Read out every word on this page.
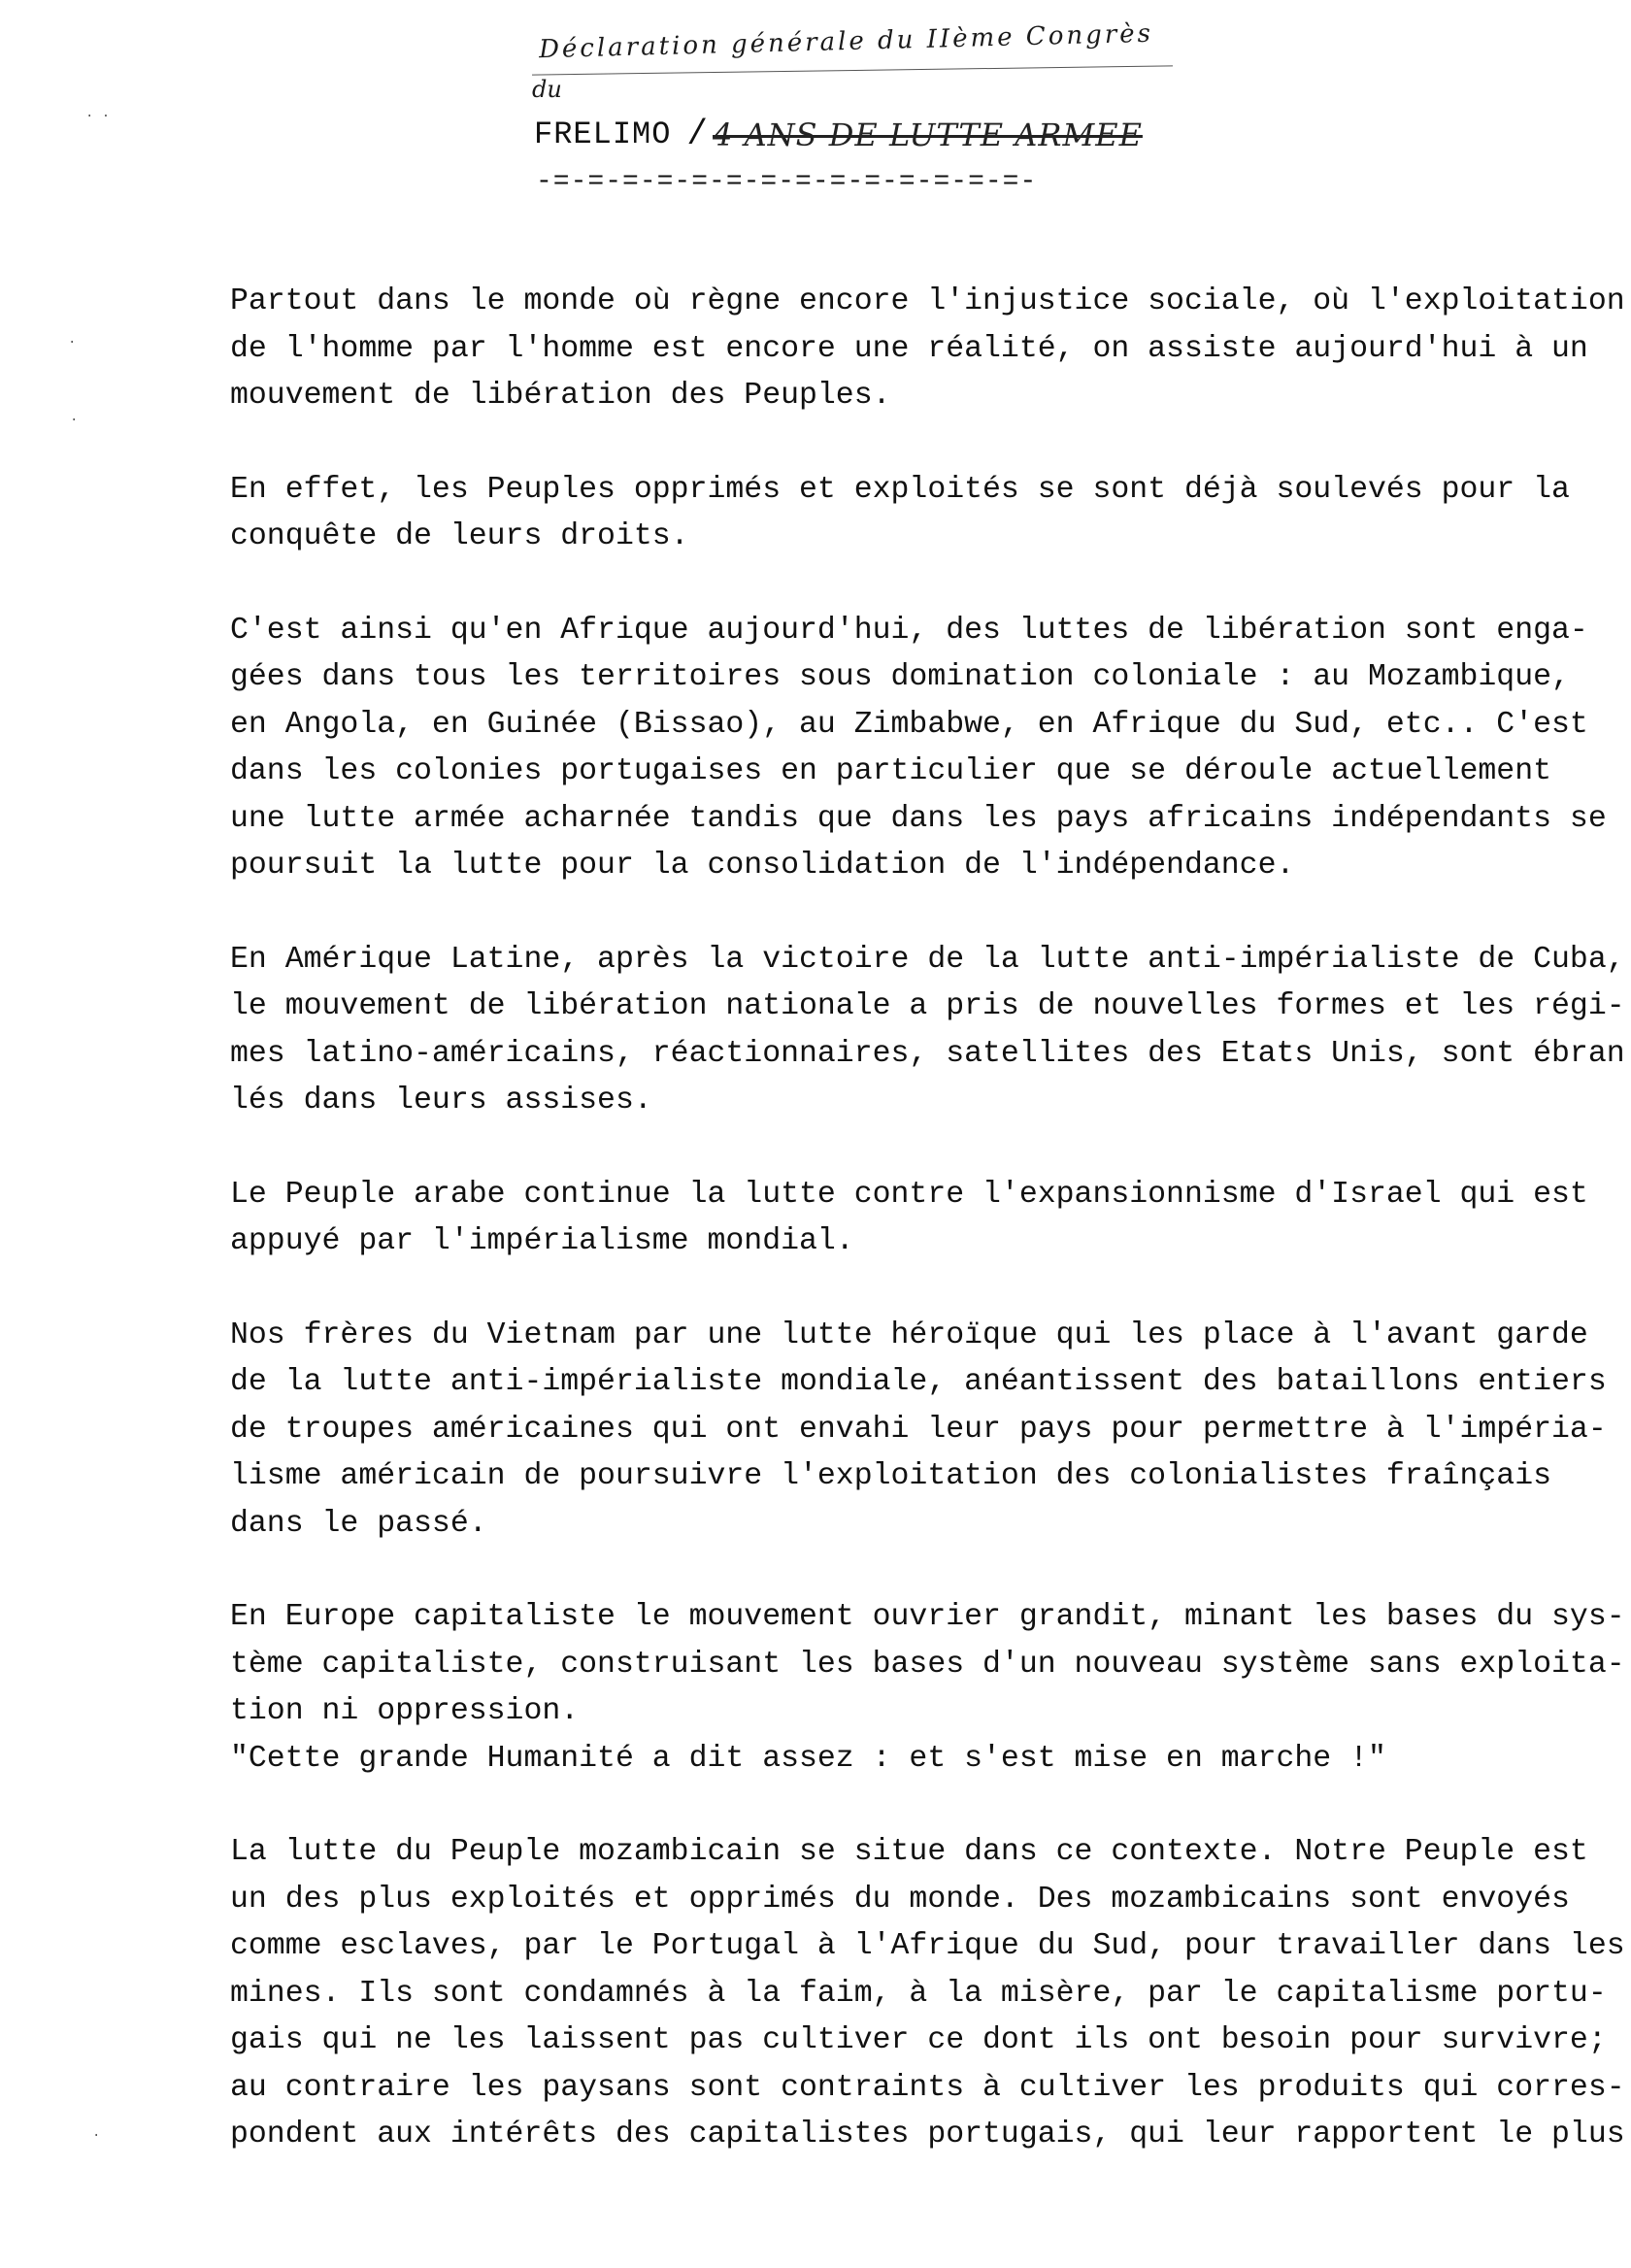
Déclaration générale du IIème Congrès
du
FRELIMO / 4 ANS DE LUTTE ARMEE
-=-=-=-=-=-=-=-=-=-=-=-=-=-=-
· ·
·
·
·
Partout dans le monde où règne encore l'injustice sociale, où l'exploitation
de l'homme par l'homme est encore une réalité, on assiste aujourd'hui à un
mouvement de libération des Peuples.
En effet, les Peuples opprimés et exploités se sont déjà soulevés pour la
conquête de leurs droits.
C'est ainsi qu'en Afrique aujourd'hui, des luttes de libération sont enga-
gées dans tous les territoires sous domination coloniale : au Mozambique,
en Angola, en Guinée (Bissao), au Zimbabwe, en Afrique du Sud, etc.. C'est
dans les colonies portugaises en particulier que se déroule actuellement
une lutte armée acharnée tandis que dans les pays africains indépendants se
poursuit la lutte pour la consolidation de l'indépendance.
En Amérique Latine, après la victoire de la lutte anti-impérialiste de Cuba,
le mouvement de libération nationale a pris de nouvelles formes et les régi-
mes latino-américains, réactionnaires, satellites des Etats Unis, sont ébran
lés dans leurs assises.
Le Peuple arabe continue la lutte contre l'expansionnisme d'Israel qui est
appuyé par l'impérialisme mondial.
Nos frères du Vietnam par une lutte héroïque qui les place à l'avant garde
de la lutte anti-impérialiste mondiale, anéantissent des bataillons entiers
de troupes américaines qui ont envahi leur pays pour permettre à l'impéria-
lisme américain de poursuivre l'exploitation des colonialistes fraînçais
dans le passé.
En Europe capitaliste le mouvement ouvrier grandit, minant les bases du sys-
tème capitaliste, construisant les bases d'un nouveau système sans exploita-
tion ni oppression.
"Cette grande Humanité a dit assez : et s'est mise en marche !"
La lutte du Peuple mozambicain se situe dans ce contexte. Notre Peuple est
un des plus exploités et opprimés du monde. Des mozambicains sont envoyés
comme esclaves, par le Portugal à l'Afrique du Sud, pour travailler dans les
mines. Ils sont condamnés à la faim, à la misère, par le capitalisme portu-
gais qui ne les laissent pas cultiver ce dont ils ont besoin pour survivre;
au contraire les paysans sont contraints à cultiver les produits qui corres-
pondent aux intérêts des capitalistes portugais, qui leur rapportent le plus
